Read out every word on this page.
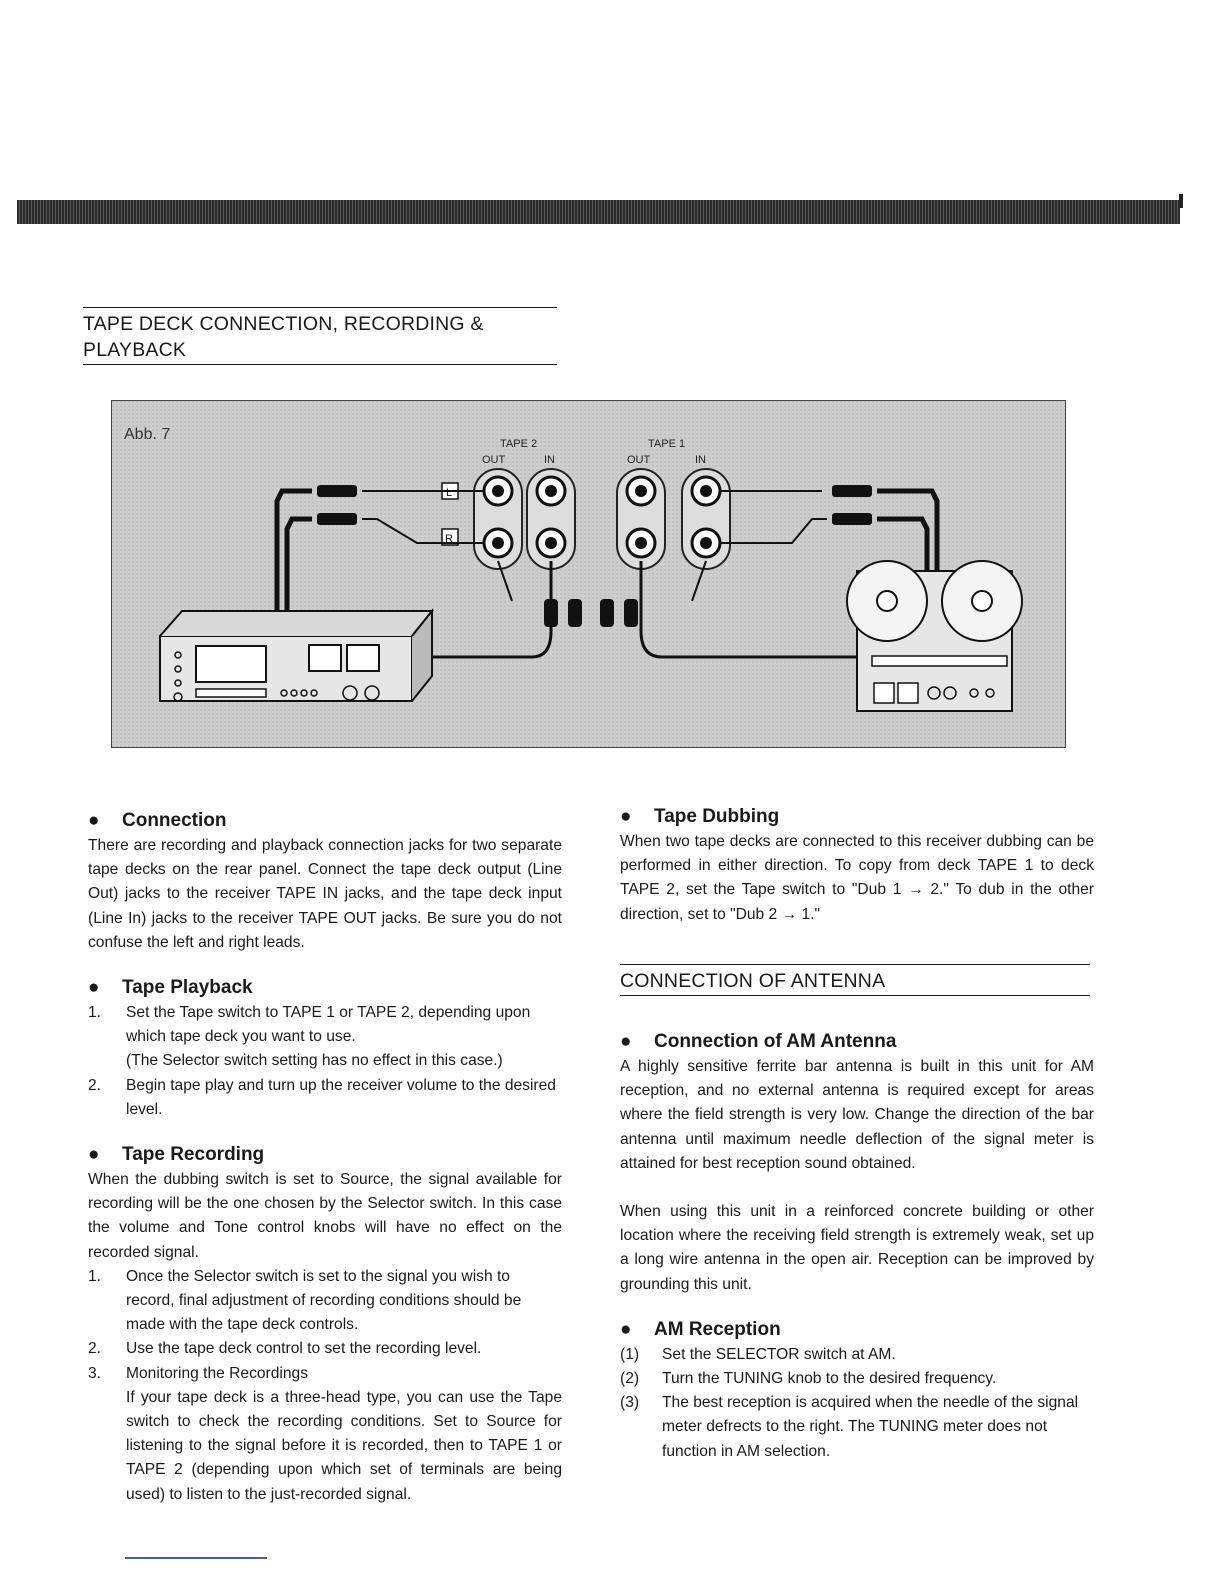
TAPE DECK CONNECTION, RECORDING &
PLAYBACK
Abb. 7
TAPE 2	TAPE 1
OUT	IN	OUT	IN
L
R
● Connection

There are recording and playback connection jacks for two separate tape decks on the rear panel. Connect the tape deck output (Line Out) jacks to the receiver TAPE IN jacks, and the tape deck input (Line In) jacks to the receiver TAPE OUT jacks. Be sure you do not confuse the left and right leads.

● Tape Playback
1. Set the Tape switch to TAPE 1 or TAPE 2, depending upon which tape deck you want to use.
(The Selector switch setting has no effect in this case.)
2. Begin tape play and turn up the receiver volume to the desired level.
● Tape Recording

When the dubbing switch is set to Source, the signal available for recording will be the one chosen by the Selector switch. In this case the volume and Tone control knobs will have no effect on the recorded signal.

1. Once the Selector switch is set to the signal you wish to record, final adjustment of recording conditions should be made with the tape deck controls.
2. Use the tape deck control to set the recording level.
3. Monitoring the Recordings
If your tape deck is a three-head type, you can use the Tape switch to check the recording conditions. Set to Source for listening to the signal before it is recorded, then to TAPE 1 or TAPE 2 (depending upon which set of terminals are being used) to listen to the just-recorded signal.
● Tape Dubbing

When two tape decks are connected to this receiver dubbing can be performed in either direction. To copy from deck TAPE 1 to deck TAPE 2, set the Tape switch to "Dub 1 → 2." To dub in the other direction, set to "Dub 2 → 1."

CONNECTION OF ANTENNA
● Connection of AM Antenna

A highly sensitive ferrite bar antenna is built in this unit for AM reception, and no external antenna is required except for areas where the field strength is very low. Change the direction of the bar antenna until maximum needle deflection of the signal meter is attained for best reception sound obtained.

When using this unit in a reinforced concrete building or other location where the receiving field strength is extremely weak, set up a long wire antenna in the open air. Reception can be improved by grounding this unit.

● AM Reception
(1) Set the SELECTOR switch at AM.
(2) Turn the TUNING knob to the desired frequency.
(3) The best reception is acquired when the needle of the signal meter defrects to the right. The TUNING meter does not function in AM selection.
